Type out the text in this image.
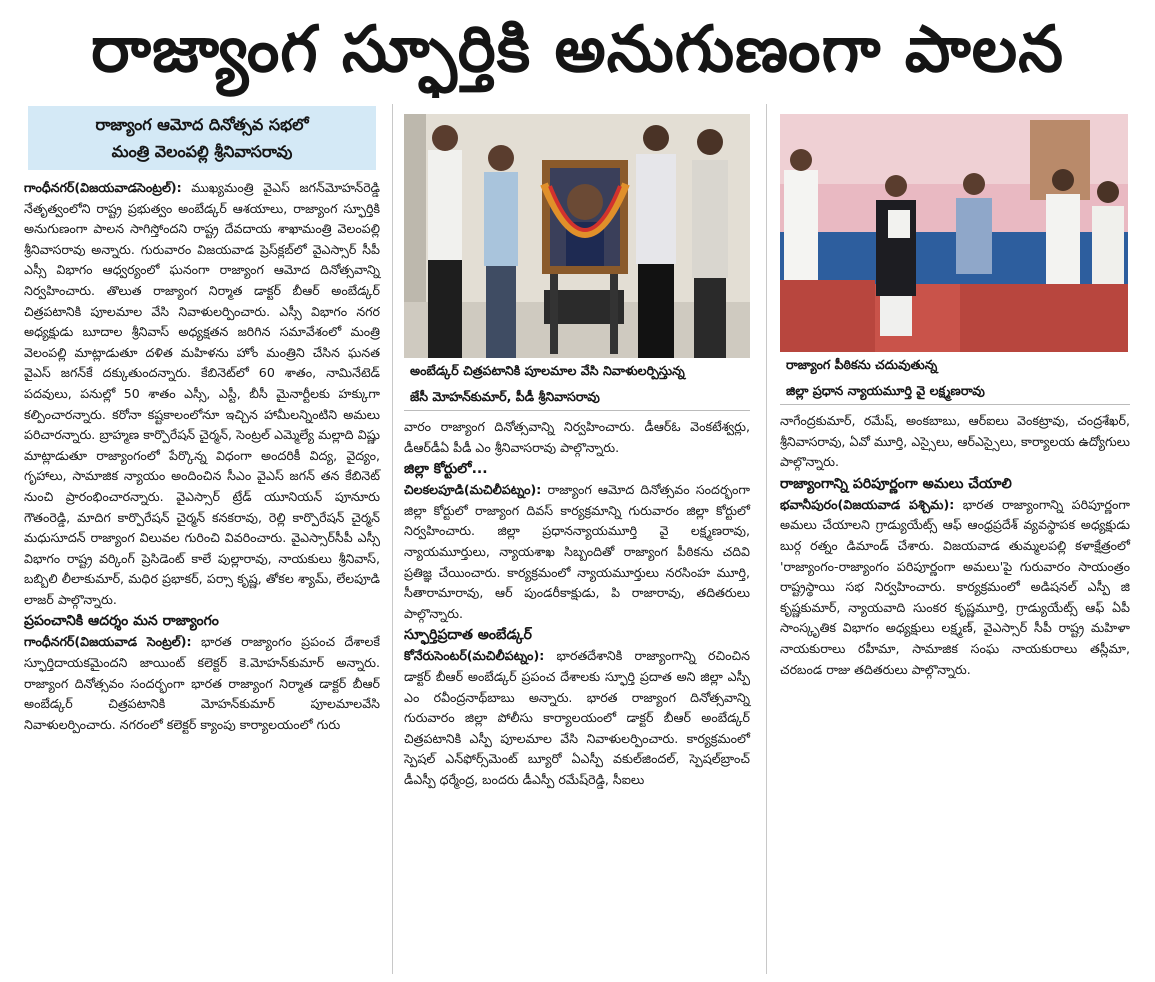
రాజ్యాంగ స్ఫూర్తికి అనుగుణంగా పాలన
రాజ్యాంగ ఆమోద దినోత్సవ సభలో
మంత్రి వెలంపల్లి శ్రీనివాసరావు

గాంధీనగర్(విజయవాడసెంట్రల్): ముఖ్యమంత్రి వైఎస్ జగన్‌మోహన్‌రెడ్డి నేతృత్వంలోని రాష్ట్ర ప్రభుత్వం అంబేడ్కర్ ఆశయాలు, రాజ్యాంగ స్ఫూర్తికి అనుగుణంగా పాలన సాగిస్తోందని రాష్ట్ర దేవదాయ శాఖామంత్రి వెలంపల్లి శ్రీనివాసరావు అన్నారు. గురువారం విజయవాడ ప్రెస్‌క్లబ్‌లో వైఎస్సార్ సీపీ ఎస్సీ విభాగం ఆధ్వర్యంలో ఘనంగా రాజ్యాంగ ఆమోద దినోత్సవాన్ని నిర్వహించారు. తొలుత రాజ్యాంగ నిర్మాత డాక్టర్ బీఆర్ అంబేడ్కర్ చిత్రపటానికి పూలమాల వేసి నివాళులర్పించారు. ఎస్సీ విభాగం నగర అధ్యక్షుడు బూదాల శ్రీనివాస్ అధ్యక్షతన జరిగిన సమావేశంలో మంత్రి వెలంపల్లి మాట్లాడుతూ దళిత మహిళను హోం మంత్రిని చేసిన ఘనత వైఎస్ జగన్‌కే దక్కుతుందన్నారు. కేబినెట్‌లో 60 శాతం, నామినేటెడ్ పదవులు, పనుల్లో 50 శాతం ఎస్సీ, ఎస్టీ, బీసీ మైనార్టీలకు హక్కుగా కల్పించారన్నారు. కరోనా కష్టకాలంలోనూ ఇచ్చిన హామీలన్నింటిని అమలు పరిచారన్నారు. బ్రాహ్మణ కార్పొరేషన్ చైర్మన్, సెంట్రల్ ఎమ్మెల్యే మల్లాది విష్ణు మాట్లాడుతూ రాజ్యాంగంలో పేర్కొన్న విధంగా అందరికీ విద్య, వైద్యం, గృహాలు, సామాజిక న్యాయం అందించిన సీఎం వైఎస్ జగన్ తన కేబినెట్ నుంచి ప్రారంభించారన్నారు. వైఎస్సార్ ట్రేడ్ యూనియన్ పూనూరు గౌతంరెడ్డి, మాదిగ కార్పొరేషన్ చైర్మన్ కనకరావు, రెల్లి కార్పొరేషన్ చైర్మన్ మధుసూదన్ రాజ్యాంగ విలువల గురించి వివరించారు. వైఎస్సార్‌సీపీ ఎస్సీ విభాగం రాష్ట్ర వర్కింగ్ ప్రెసిడెంట్ కాలే పుల్లారావు, నాయకులు శ్రీనివాస్, బబ్బిలి లీలాకుమార్, మధిర ప్రభాకర్, పర్సా కృష్ణ, తోకల శ్యామ్, లేలపూడి లాజర్ పాల్గొన్నారు.

ప్రపంచానికి ఆదర్శం మన రాజ్యాంగం

గాంధీనగర్(విజయవాడ సెంట్రల్): భారత రాజ్యాంగం ప్రపంచ దేశాలకే స్ఫూర్తిదాయకమైందని జాయింట్ కలెక్టర్ కె.మోహన్‌కుమార్ అన్నారు. రాజ్యాంగ దినోత్సవం సందర్భంగా భారత రాజ్యాంగ నిర్మాత డాక్టర్ బీఆర్ అంబేడ్కర్ చిత్రపటానికి మోహన్‌కుమార్ పూలమాలవేసి నివాళులర్పించారు. నగరంలో కలెక్టర్ క్యాంపు కార్యాలయంలో గురు

అంబేడ్కర్ చిత్రపటానికి పూలమాల వేసి నివాళులర్పిస్తున్న
జేసీ మోహన్‌కుమార్, పీడీ శ్రీనివాసరావు

వారం రాజ్యాంగ దినోత్సవాన్ని నిర్వహించారు. డీఆర్‌ఓ వెంకటేశ్వర్లు, డీఆర్‌డీఏ పీడీ ఎం శ్రీనివాసరావు పాల్గొన్నారు.

జిల్లా కోర్టులో...

చిలకలపూడి(మచిలీపట్నం): రాజ్యాంగ ఆమోద దినోత్సవం సందర్భంగా జిల్లా కోర్టులో రాజ్యాంగ దివస్ కార్యక్రమాన్ని గురువారం జిల్లా కోర్టులో నిర్వహించారు. జిల్లా ప్రధానన్యాయమూర్తి వై లక్ష్మణరావు, న్యాయమూర్తులు, న్యాయశాఖ సిబ్బందితో రాజ్యాంగ పీఠికను చదివి ప్రతిజ్ఞ చేయించారు. కార్యక్రమంలో న్యాయమూర్తులు నరసింహ మూర్తి, సీతారామారావు, ఆర్ పుండరీకాక్షుడు, పి రాజారావు, తదితరులు పాల్గొన్నారు.

స్ఫూర్తిప్రదాత అంబేడ్కర్

కోనేరుసెంటర్(మచిలీపట్నం): భారతదేశానికి రాజ్యాంగాన్ని రచించిన డాక్టర్ బీఆర్ అంబేడ్కర్ ప్రపంచ దేశాలకు స్ఫూర్తి ప్రదాత అని జిల్లా ఎస్పీ ఎం రవీంద్రనాథ్‌బాబు అన్నారు. భారత రాజ్యాంగ దినోత్సవాన్ని గురువారం జిల్లా పోలీసు కార్యాలయంలో డాక్టర్ బీఆర్ అంబేడ్కర్ చిత్రపటానికి ఎస్పీ పూలమాల వేసి నివాళులర్పించారు. కార్యక్రమంలో స్పెషల్ ఎన్‌ఫోర్స్‌మెంట్ బ్యూరో ఏఎస్పీ వకుల్‌జిందల్, స్పెషల్‌బ్రాంచ్ డీఎస్పీ ధర్మేంద్ర, బందరు డీఎస్పీ రమేష్‌రెడ్డి, సీఐలు

రాజ్యాంగ పీఠికను చదువుతున్న
జిల్లా ప్రధాన న్యాయమూర్తి వై లక్ష్మణరావు

నాగేంద్రకుమార్, రమేష్, అంకబాబు, ఆర్‌ఐలు వెంకట్రావు, చంద్రశేఖర్, శ్రీనివాసరావు, ఏవో మూర్తి, ఎస్సైలు, ఆర్‌ఎస్సైలు, కార్యాలయ ఉద్యోగులు పాల్గొన్నారు.

రాజ్యాంగాన్ని పరిపూర్ణంగా అమలు చేయాలి

భవానీపురం(విజయవాడ పశ్చిమ): భారత రాజ్యాంగాన్ని పరిపూర్ణంగా అమలు చేయాలని గ్రాడ్యుయేట్స్ ఆఫ్ ఆంధ్రప్రదేశ్ వ్యవస్థాపక అధ్యక్షుడు బుర్గ రత్నం డిమాండ్ చేశారు. విజయవాడ తుమ్మలపల్లి కళాక్షేత్రంలో 'రాజ్యాంగం-రాజ్యాంగం పరిపూర్ణంగా అమలు'పై గురువారం సాయంత్రం రాష్ట్రస్థాయి సభ నిర్వహించారు. కార్యక్రమంలో అడిషనల్ ఎస్పీ జి కృష్ణకుమార్, న్యాయవాది సుంకర కృష్ణమూర్తి, గ్రాడ్యుయేట్స్ ఆఫ్ ఏపీ సాంస్కృతిక విభాగం అధ్యక్షులు లక్ష్మణ్, వైఎస్సార్ సీపీ రాష్ట్ర మహిళా నాయకురాలు రహీమా, సామాజిక సంఘ నాయకురాలు తస్లీమా, చరబండ రాజు తదితరులు పాల్గొన్నారు.
